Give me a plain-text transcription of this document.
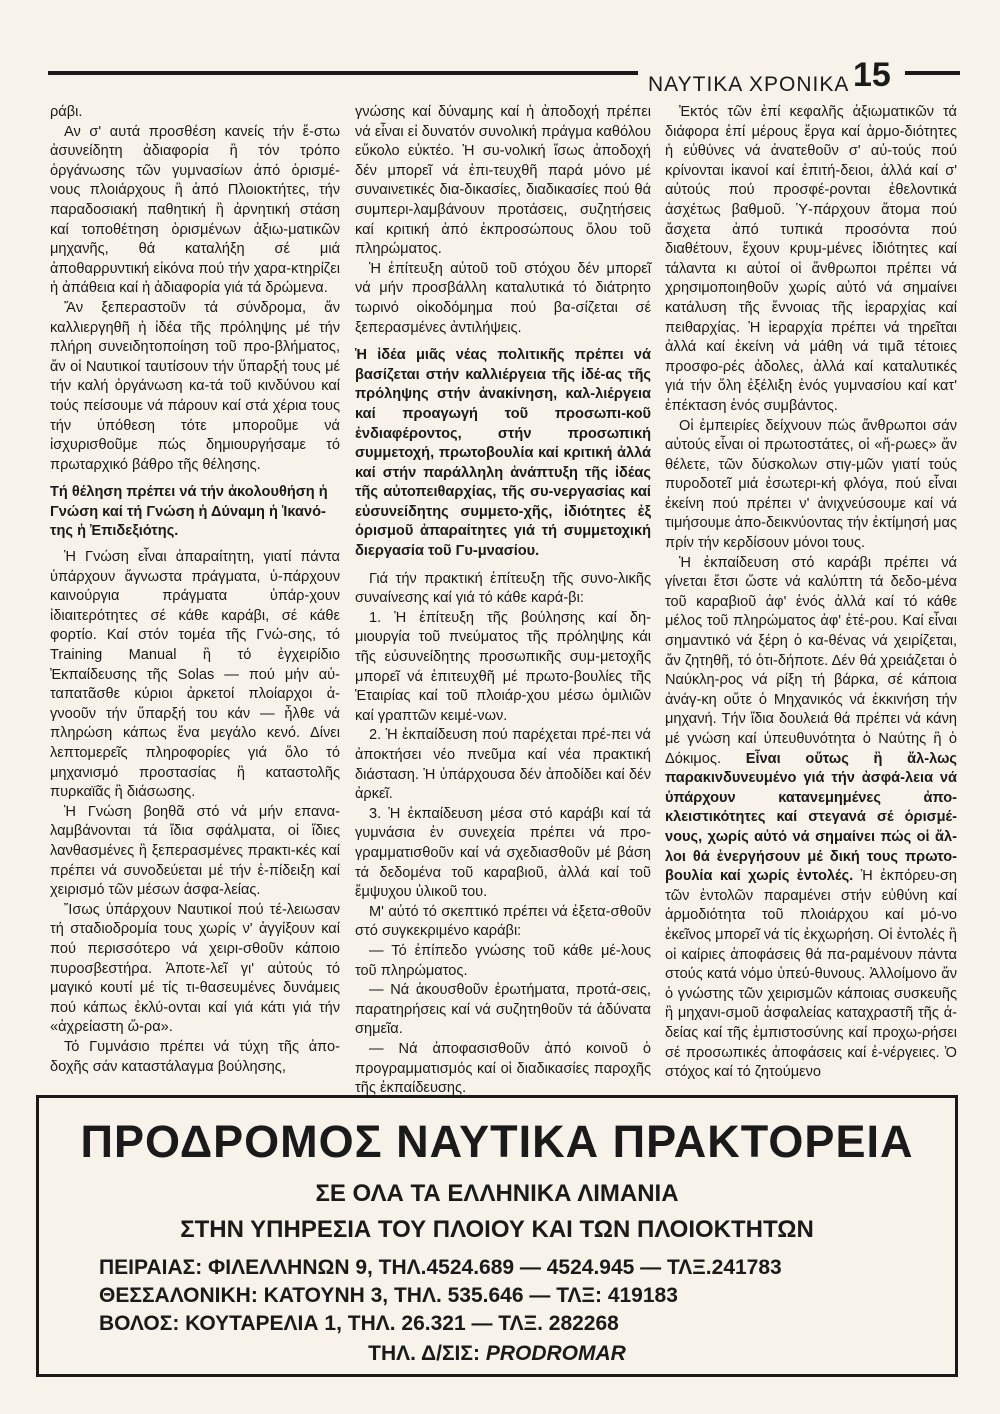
ΝΑΥΤΙΚΑ ΧΡΟΝΙΚΑ 15

ράβι.

Αν σ' αυτά προσθέση κανείς τήν ἔ-στω ἀσυνείδητη ἀδιαφορία ἢ τόν τρόπο ὀργάνωσης τῶν γυμνασίων ἀπό ὁρισμέ-νους πλοιάρχους ἢ ἀπό Πλοιοκτήτες, τήν παραδοσιακή παθητική ἢ ἀρνητική στάση καί τοποθέτηση ὁρισμένων ἀξιω-ματικῶν μηχανῆς, θά καταλήξη σέ μιά ἀποθαρρυντική εἰκόνα πού τήν χαρα-κτηρίζει ἡ ἀπάθεια καί ἡ ἀδιαφορία γιά τά δρώμενα.

Ἄν ξεπεραστοῦν τά σύνδρομα, ἄν καλλιεργηθῆ ἡ ἰδέα τῆς πρόληψης μέ τήν πλήρη συνειδητοποίηση τοῦ προ-βλήματος, ἄν οἱ Ναυτικοί ταυτίσουν τήν ὕπαρξή τους μέ τήν καλή ὀργάνωση κα-τά τοῦ κινδύνου καί τούς πείσουμε νά πάρουν καί στά χέρια τους τήν ὑπόθεση τότε μποροῦμε νά ἰσχυρισθοῦμε πώς δημιουργήσαμε τό πρωταρχικό βάθρο τῆς θέλησης.

Τή θέληση πρέπει νά τήν ἀκολουθήση ἡ Γνώση καί τή Γνώση ἡ Δύναμη ἡ Ἱκανό-της ἡ Ἐπιδεξιότης.

Ἡ Γνώση εἶναι ἀπαραίτητη, γιατί πάντα ὑπάρχουν ἄγνωστα πράγματα, ὑ-πάρχουν καινούργια πράγματα ὑπάρ-χουν ἰδιαιτερότητες σέ κάθε καράβι, σέ κάθε φορτίο. Καί στόν τομέα τῆς Γνώ-σης, τό Training Manual ἢ τό ἐγχειρίδιο Ἐκπαίδευσης τῆς Solas — πού μήν αὐ-ταπατᾶσθε κύριοι ἀρκετοί πλοίαρχοι ἀ-γνοοῦν τήν ὕπαρξή του κάν — ἦλθε νά πληρώση κάπως ἕνα μεγάλο κενό. Δίνει λεπτομερεῖς πληροφορίες γιά ὅλο τό μηχανισμό προστασίας ἢ καταστολῆς πυρκαϊᾶς ἢ διάσωσης.

Ἡ Γνώση βοηθᾶ στό νά μήν επανα-λαμβάνονται τά ἴδια σφάλματα, οἱ ἴδιες λανθασμένες ἢ ξεπερασμένες πρακτι-κές καί πρέπει νά συνοδεύεται μέ τήν ἐ-πίδειξη καί χειρισμό τῶν μέσων ἀσφα-λείας.

Ἴσως ὑπάρχουν Ναυτικοί πού τέ-λειωσαν τή σταδιοδρομία τους χωρίς ν' ἀγγίξουν καί πού περισσότερο νά χειρι-σθοῦν κάποιο πυροσβεστήρα. Ἀποτε-λεῖ γι' αὐτούς τό μαγικό κουτί μέ τίς τι-θασευμένες δυνάμεις πού κάπως ἐκλύ-ονται καί γιά κάτι γιά τήν «ἀχρείαστη ὥ-ρα».

Τό Γυμνάσιο πρέπει νά τύχη τῆς ἀπο-δοχῆς σάν καταστάλαγμα βούλησης,

γνώσης καί δύναμης καί ἡ ἀποδοχή πρέπει νά εἶναι εἰ δυνατόν συνολική πράγμα καθόλου εὔκολο εὐκτέο. Ἡ συ-νολική ἴσως ἀποδοχή δέν μπορεῖ νά ἐπι-τευχθῆ παρά μόνο μέ συναινετικές δια-δικασίες, διαδικασίες πού θά συμπερι-λαμβάνουν προτάσεις, συζητήσεις καί κριτική ἀπό ἐκπροσώπους ὅλου τοῦ πληρώματος.

Ἡ ἐπίτευξη αὐτοῦ τοῦ στόχου δέν μπορεῖ νά μήν προσβάλλη καταλυτικά τό διάτρητο τωρινό οἰκοδόμημα πού βα-σίζεται σέ ξεπερασμένες ἀντιλήψεις.

Ἡ ἰδέα μιᾶς νέας πολιτικῆς πρέπει νά βασίζεται στήν καλλιέργεια τῆς ἰδέ-ας τῆς πρόληψης στήν ἀνακίνηση, καλ-λιέργεια καί προαγωγή τοῦ προσωπι-κοῦ ἐνδιαφέροντος, στήν προσωπική συμμετοχή, πρωτοβουλία καί κριτική ἀλλά καί στήν παράλληλη ἀνάπτυξη τῆς ἰδέας τῆς αὐτοπειθαρχίας, τῆς συ-νεργασίας καί εὐσυνείδητης συμμετο-χῆς, ἰδιότητες ἐξ ὁρισμοῦ ἀπαραίτητες γιά τή συμμετοχική διεργασία τοῦ Γυ-μνασίου.

Γιά τήν πρακτική ἐπίτευξη τῆς συνο-λικῆς συναίνεσης καί γιά τό κάθε καρά-βι:

1. Ἡ ἐπίτευξη τῆς βούλησης καί δη-μιουργία τοῦ πνεύματος τῆς πρόληψης κάι τῆς εὐσυνείδητης προσωπικῆς συμ-μετοχῆς μπορεῖ νά ἐπιτευχθῆ μέ πρωτο-βουλίες τῆς Ἑταιρίας καί τοῦ πλοιάρ-χου μέσω ὁμιλιῶν καί γραπτῶν κειμέ-νων.

2. Ἡ ἐκπαίδευση πού παρέχεται πρέ-πει νά ἀποκτήσει νέο πνεῦμα καί νέα πρακτική διάσταση. Ἡ ὑπάρχουσα δέν ἀποδίδει καί δέν ἀρκεῖ.

3. Ἡ ἐκπαίδευση μέσα στό καράβι καί τά γυμνάσια ἐν συνεχεία πρέπει νά προ-γραμματισθοῦν καί νά σχεδιασθοῦν μέ βάση τά δεδομένα τοῦ καραβιοῦ, ἀλλά καί τοῦ ἔμψυχου ὑλικοῦ του.

Μ' αὐτό τό σκεπτικό πρέπει νά ἐξετα-σθοῦν στό συγκεκριμένο καράβι:

— Τό ἐπίπεδο γνώσης τοῦ κάθε μέ-λους τοῦ πληρώματος.

— Νά ἀκουσθοῦν ἐρωτήματα, προτά-σεις, παρατηρήσεις καί νά συζητηθοῦν τά ἀδύνατα σημεῖα.

— Νά ἀποφασισθοῦν ἀπό κοινοῦ ὁ προγραμματισμός καί οἱ διαδικασίες παροχῆς τῆς ἐκπαίδευσης.

Ἐκτός τῶν ἐπί κεφαλῆς ἀξιωματικῶν τά διάφορα ἐπί μέρους ἔργα καί ἁρμο-διότητες ἡ εὐθύνες νά ἀνατεθοῦν σ' αὐ-τούς πού κρίνονται ἱκανοί καί ἐπιτή-δειοι, ἀλλά καί σ' αὐτούς πού προσφέ-ρονται ἐθελοντικά ἀσχέτως βαθμοῦ. Ὑ-πάρχουν ἄτομα πού ἄσχετα ἀπό τυπικά προσόντα πού διαθέτουν, ἔχουν κρυμ-μένες ἰδιότητες καί τάλαντα κι αὐτοί οἱ ἄνθρωποι πρέπει νά χρησιμοποιηθοῦν χωρίς αὐτό νά σημαίνει κατάλυση τῆς ἔννοιας τῆς ἱεραρχίας καί πειθαρχίας. Ἡ ἱεραρχία πρέπει νά τηρεῖται ἀλλά καί ἐκείνη νά μάθη νά τιμᾶ τέτοιες προσφο-ρές ἀδολες, ἀλλά καί καταλυτικές γιά τήν ὅλη ἐξέλιξη ἑνός γυμνασίου καί κατ' ἐπέκταση ἑνός συμβάντος.

Οἱ ἐμπειρίες δείχνουν πώς ἄνθρωποι σάν αὐτούς εἶναι οἱ πρωτοστάτες, οἱ «ἥ-ρωες» ἄν θέλετε, τῶν δύσκολων στιγ-μῶν γιατί τούς πυροδοτεῖ μιά ἐσωτερι-κή φλόγα, πού εἶναι ἐκείνη πού πρέπει ν' ἀνιχνεύσουμε καί νά τιμήσουμε ἀπο-δεικνύοντας τήν ἐκτίμησή μας πρίν τήν κερδίσουν μόνοι τους.

Ἡ ἐκπαίδευση στό καράβι πρέπει νά γίνεται ἔτσι ὥστε νά καλύπτη τά δεδο-μένα τοῦ καραβιοῦ ἀφ' ἑνός ἀλλά καί τό κάθε μέλος τοῦ πληρώματος ἀφ' ἑτέ-ρου. Καί εἶναι σημαντικό νά ξέρη ὁ κα-θένας νά χειρίζεται, ἄν ζητηθῆ, τό ὁτι-δήποτε. Δέν θά χρειάζεται ὁ Ναύκλη-ρος νά ρίξη τή βάρκα, σέ κάποια ἀνάγ-κη οὔτε ὁ Μηχανικός νά ἐκκινήση τήν μηχανή. Τήν ἴδια δουλειά θά πρέπει νά κάνη μέ γνώση καί ὑπευθυνότητα ὁ Ναύτης ἢ ὁ Δόκιμος. Εἶναι οὔτως ἢ ἄλ-λως παρακινδυνευμένο γιά τήν ἀσφά-λεια νά ὑπάρχουν κατανεμημένες ἀπο-κλειστικότητες καί στεγανά σέ ὁρισμέ-νους, χωρίς αὐτό νά σημαίνει πώς οἱ ἄλ-λοι θά ἐνεργήσουν μέ δική τους πρωτο-βουλία καί χωρίς ἐντολές. Ἡ ἐκπόρευ-ση τῶν ἐντολῶν παραμένει στήν εὐθύνη καί ἁρμοδιότητα τοῦ πλοιάρχου καί μό-νο ἐκεῖνος μπορεῖ νά τίς ἐκχωρήση. Οἱ ἐντολές ἢ οἱ καίριες ἀποφάσεις θά πα-ραμένουν πάντα στούς κατά νόμο ὑπεύ-θυνους. Ἀλλοίμονο ἄν ὁ γνώστης τῶν χειρισμῶν κάποιας συσκευῆς ἢ μηχανι-σμοῦ ἀσφαλείας καταχραστῆ τῆς ἀ-δείας καί τῆς ἐμπιστοσύνης καί προχω-ρήσει σέ προσωπικές ἀποφάσεις καί ἐ-νέργειες. Ὁ στόχος καί τό ζητούμενο

ΠΡΟΔΡΟΜΟΣ ΝΑΥΤΙΚΑ ΠΡΑΚΤΟΡΕΙΑ
ΣΕ ΟΛΑ ΤΑ ΕΛΛΗΝΙΚΑ ΛΙΜΑΝΙΑ
ΣΤΗΝ ΥΠΗΡΕΣΙΑ ΤΟΥ ΠΛΟΙΟΥ ΚΑΙ ΤΩΝ ΠΛΟΙΟΚΤΗΤΩΝ
ΠΕΙΡΑΙΑΣ: ΦΙΛΕΛΛΗΝΩΝ 9, ΤΗΛ.4524.689 — 4524.945 — ΤΛΞ.241783
ΘΕΣΣΑΛΟΝΙΚΗ: ΚΑΤΟΥΝΗ 3, ΤΗΛ. 535.646 — ΤΛΞ: 419183
ΒΟΛΟΣ: ΚΟΥΤΑΡΕΛΙΑ 1, ΤΗΛ. 26.321 — ΤΛΞ. 282268
ΤΗΛ. Δ/ΣΙΣ: PRODROMAR
